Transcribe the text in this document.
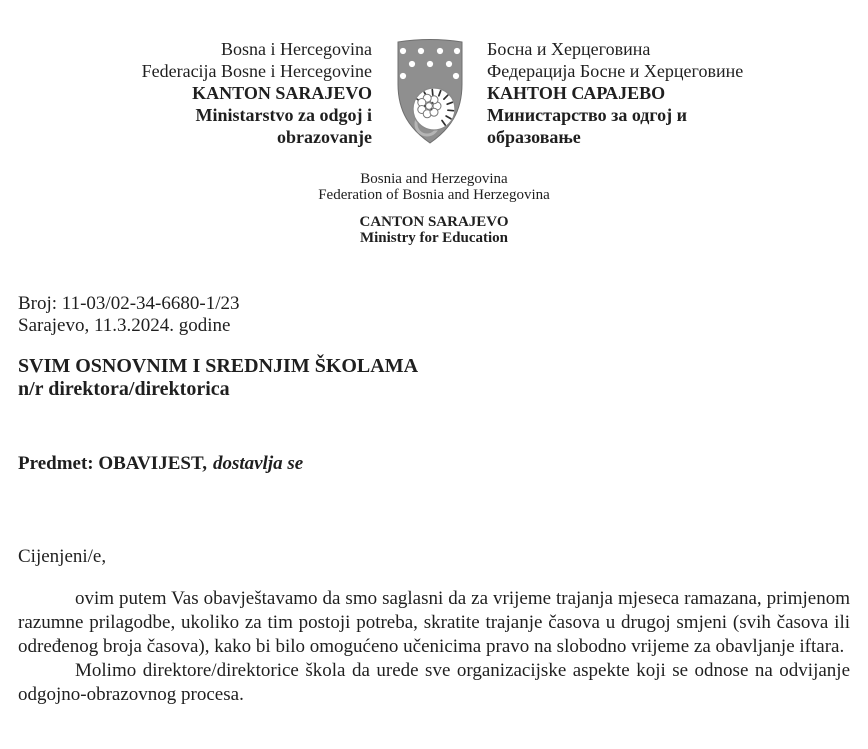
Bosna i Hercegovina
Federacija Bosne i Hercegovine
KANTON SARAJEVO
Ministarstvo za odgoj i
obrazovanje
Босна и Херцеговина
Федерација Босне и Херцеговине
КАНТОН САРАЈЕВО
Министарство за одгој и
образовање
Bosnia and Herzegovina
Federation of Bosnia and Herzegovina
CANTON SARAJEVO
Ministry for Education
Broj: 11-03/02-34-6680-1/23
Sarajevo, 11.3.2024. godine
SVIM OSNOVNIM I SREDNJIM ŠKOLAMA
n/r direktora/direktorica
Predmet: OBAVIJEST, dostavlja se
Cijenjeni/e,

ovim putem Vas obavještavamo da smo saglasni da za vrijeme trajanja mjeseca ramazana, primjenom razumne prilagodbe, ukoliko za tim postoji potreba, skratite trajanje časova u drugoj smjeni (svih časova ili određenog broja časova), kako bi bilo omogućeno učenicima pravo na slobodno vrijeme za obavljanje iftara.

Molimo direktore/direktorice škola da urede sve organizacijske aspekte koji se odnose na odvijanje odgojno-obrazovnog procesa.
